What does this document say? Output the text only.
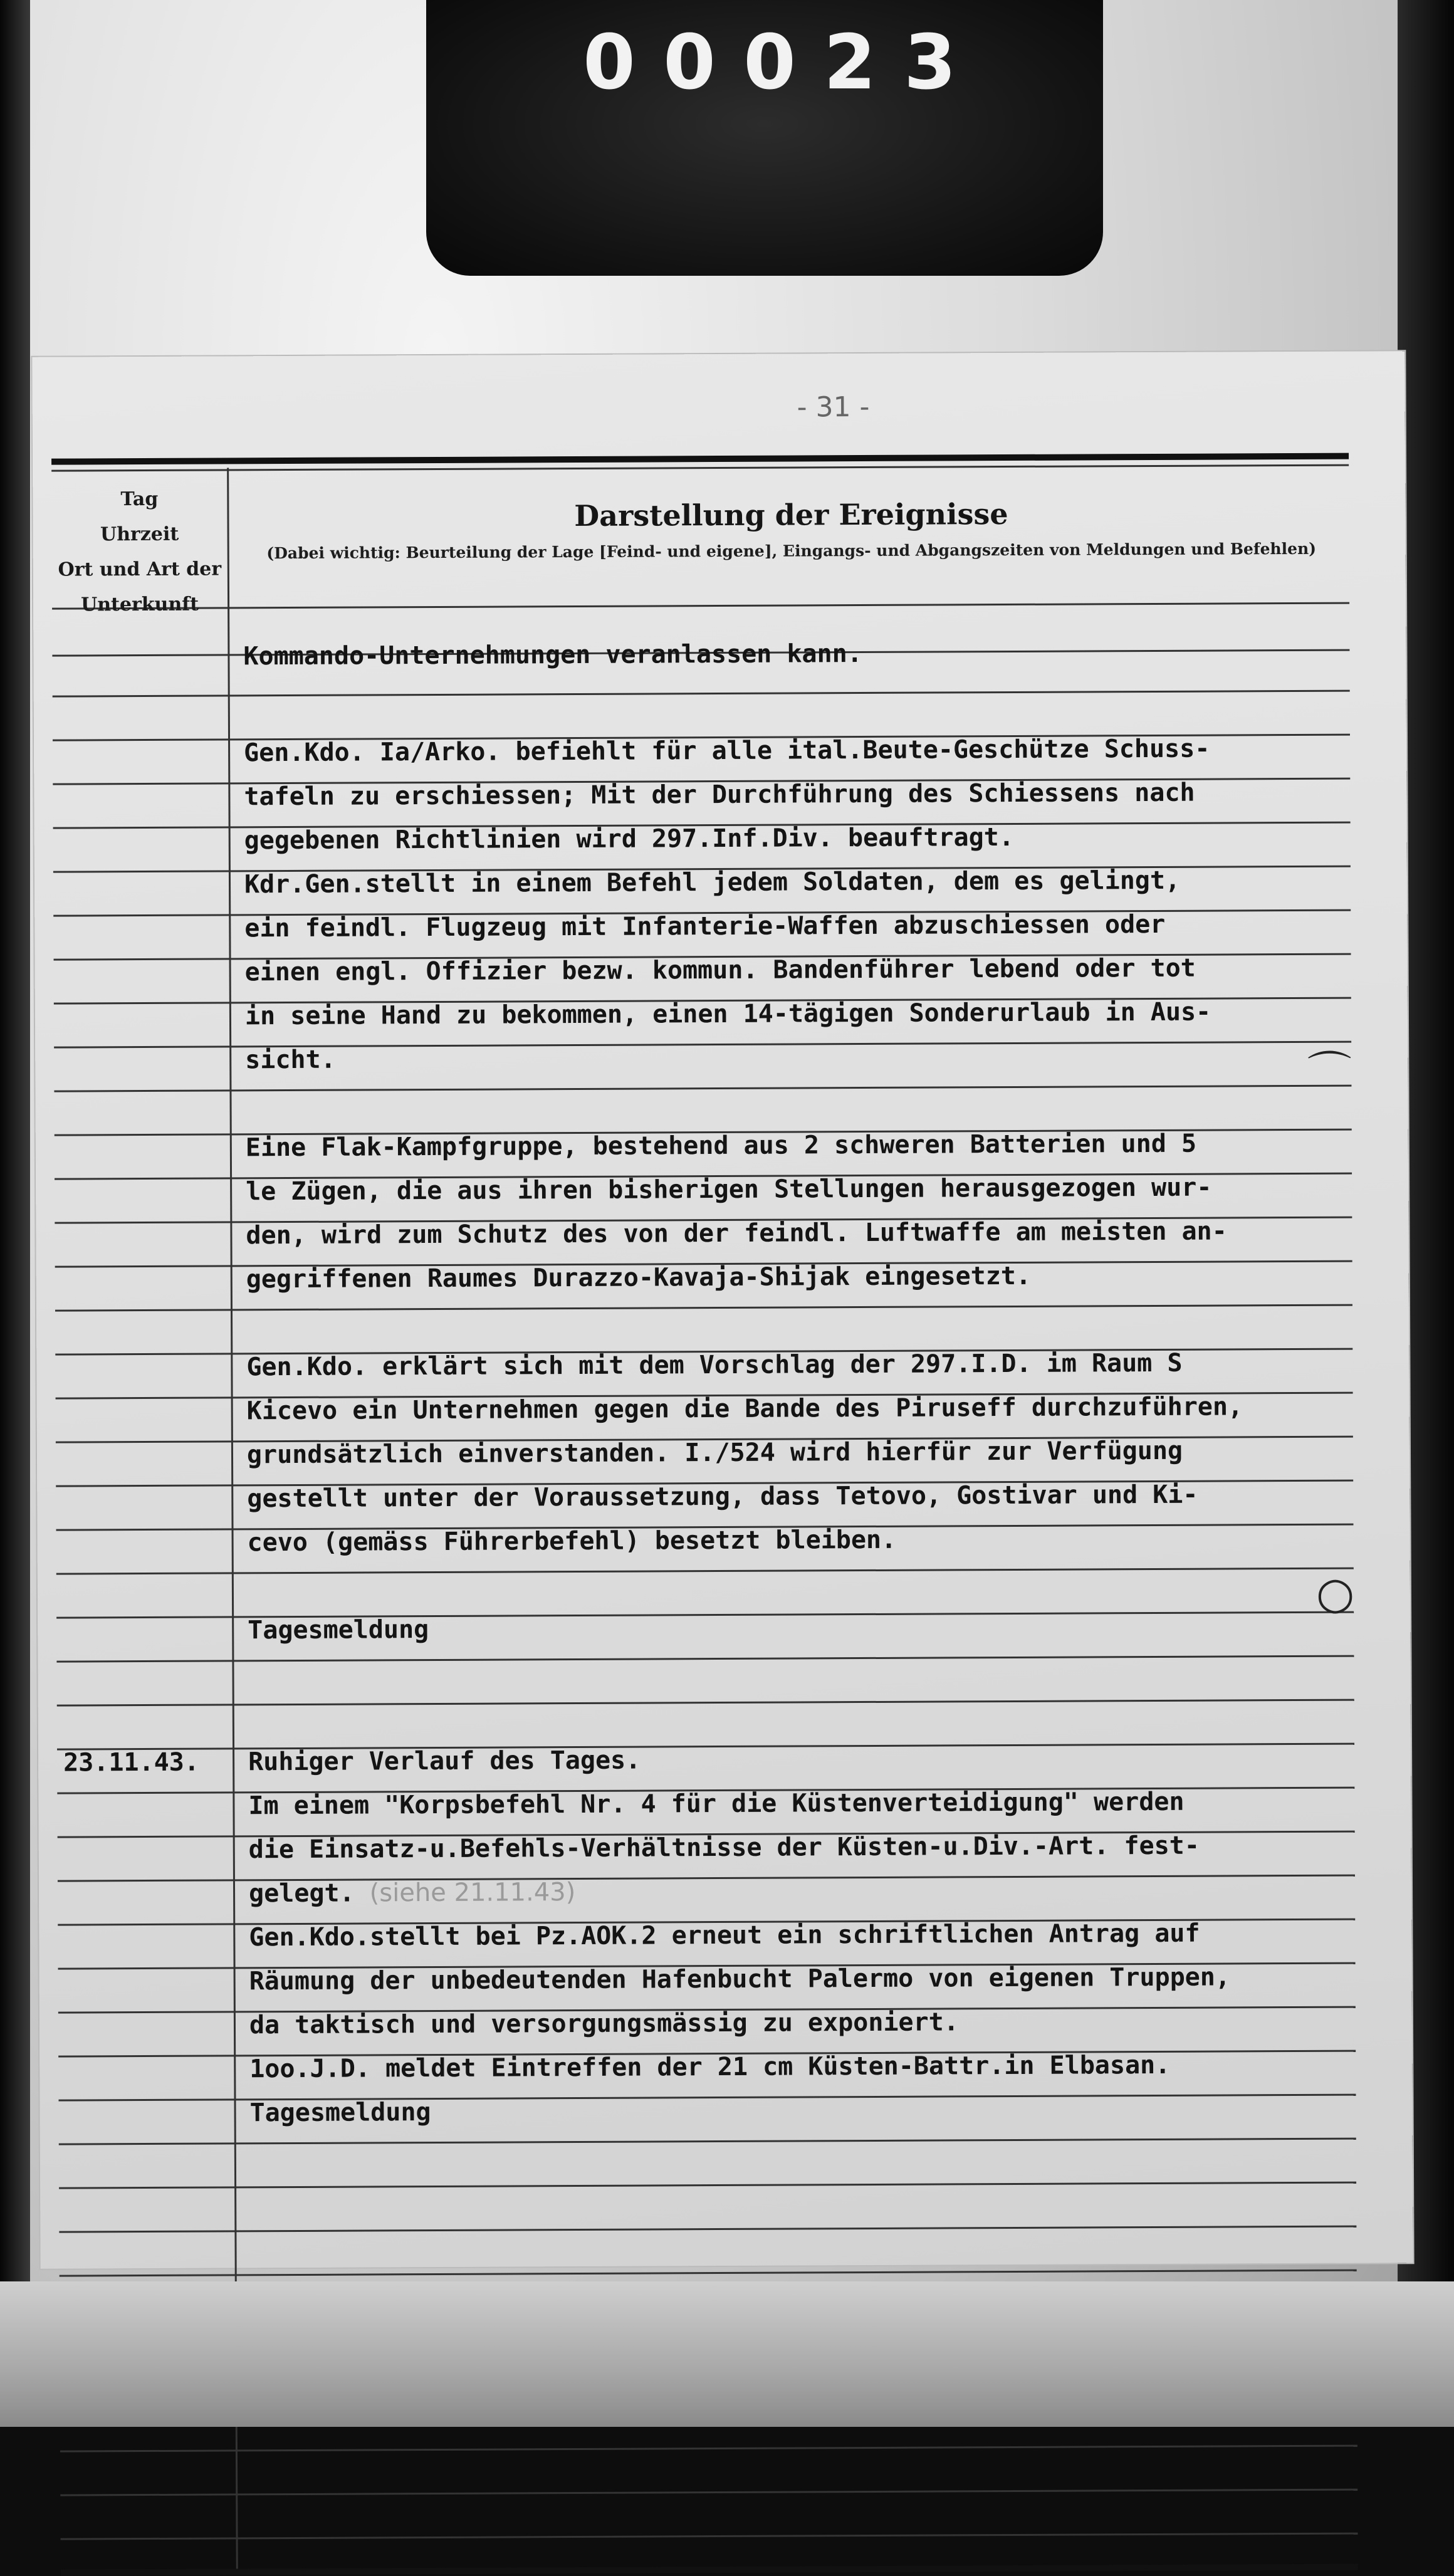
0 0 0 2 3
- 31 -
Tag
Uhrzeit
Ort und Art der
Unterkunft
Darstellung der Ereignisse
(Dabei wichtig: Beurteilung der Lage [Feind- und eigene], Eingangs- und Abgangszeiten von Meldungen und Befehlen)
Kommando-Unternehmungen veranlassen kann.
Gen.Kdo. Ia/Arko. befiehlt für alle ital.Beute-Geschütze Schuss-
tafeln zu erschiessen; Mit der Durchführung des Schiessens nach
gegebenen Richtlinien wird 297.Inf.Div. beauftragt.
Kdr.Gen.stellt in einem Befehl jedem Soldaten, dem es gelingt,
ein feindl. Flugzeug mit Infanterie-Waffen abzuschiessen oder
einen engl. Offizier bezw. kommun. Bandenführer lebend oder tot
in seine Hand zu bekommen, einen 14-tägigen Sonderurlaub in Aus-
sicht.
Eine Flak-Kampfgruppe, bestehend aus 2 schweren Batterien und 5
le Zügen, die aus ihren bisherigen Stellungen herausgezogen wur-
den, wird zum Schutz des von der feindl. Luftwaffe am meisten an-
gegriffenen Raumes Durazzo-Kavaja-Shijak eingesetzt.
Gen.Kdo. erklärt sich mit dem Vorschlag der 297.I.D. im Raum S
Kicevo ein Unternehmen gegen die Bande des Piruseff durchzuführen,
grundsätzlich einverstanden. I./524 wird hierfür zur Verfügung
gestellt unter der Voraussetzung, dass Tetovo, Gostivar und Ki-
cevo (gemäss Führerbefehl) besetzt bleiben.
Tagesmeldung
23.11.43.	Ruhiger Verlauf des Tages.
Im einem "Korpsbefehl Nr. 4 für die Küstenverteidigung" werden
die Einsatz-u.Befehls-Verhältnisse der Küsten-u.Div.-Art. fest-
gelegt. (siehe 21.11.43)
Gen.Kdo.stellt bei Pz.AOK.2 erneut ein schriftlichen Antrag auf
Räumung der unbedeutenden Hafenbucht Palermo von eigenen Truppen,
da taktisch und versorgungsmässig zu exponiert.
1oo.J.D. meldet Eintreffen der 21 cm Küsten-Battr.in Elbasan.
Tagesmeldung
⌒
○
